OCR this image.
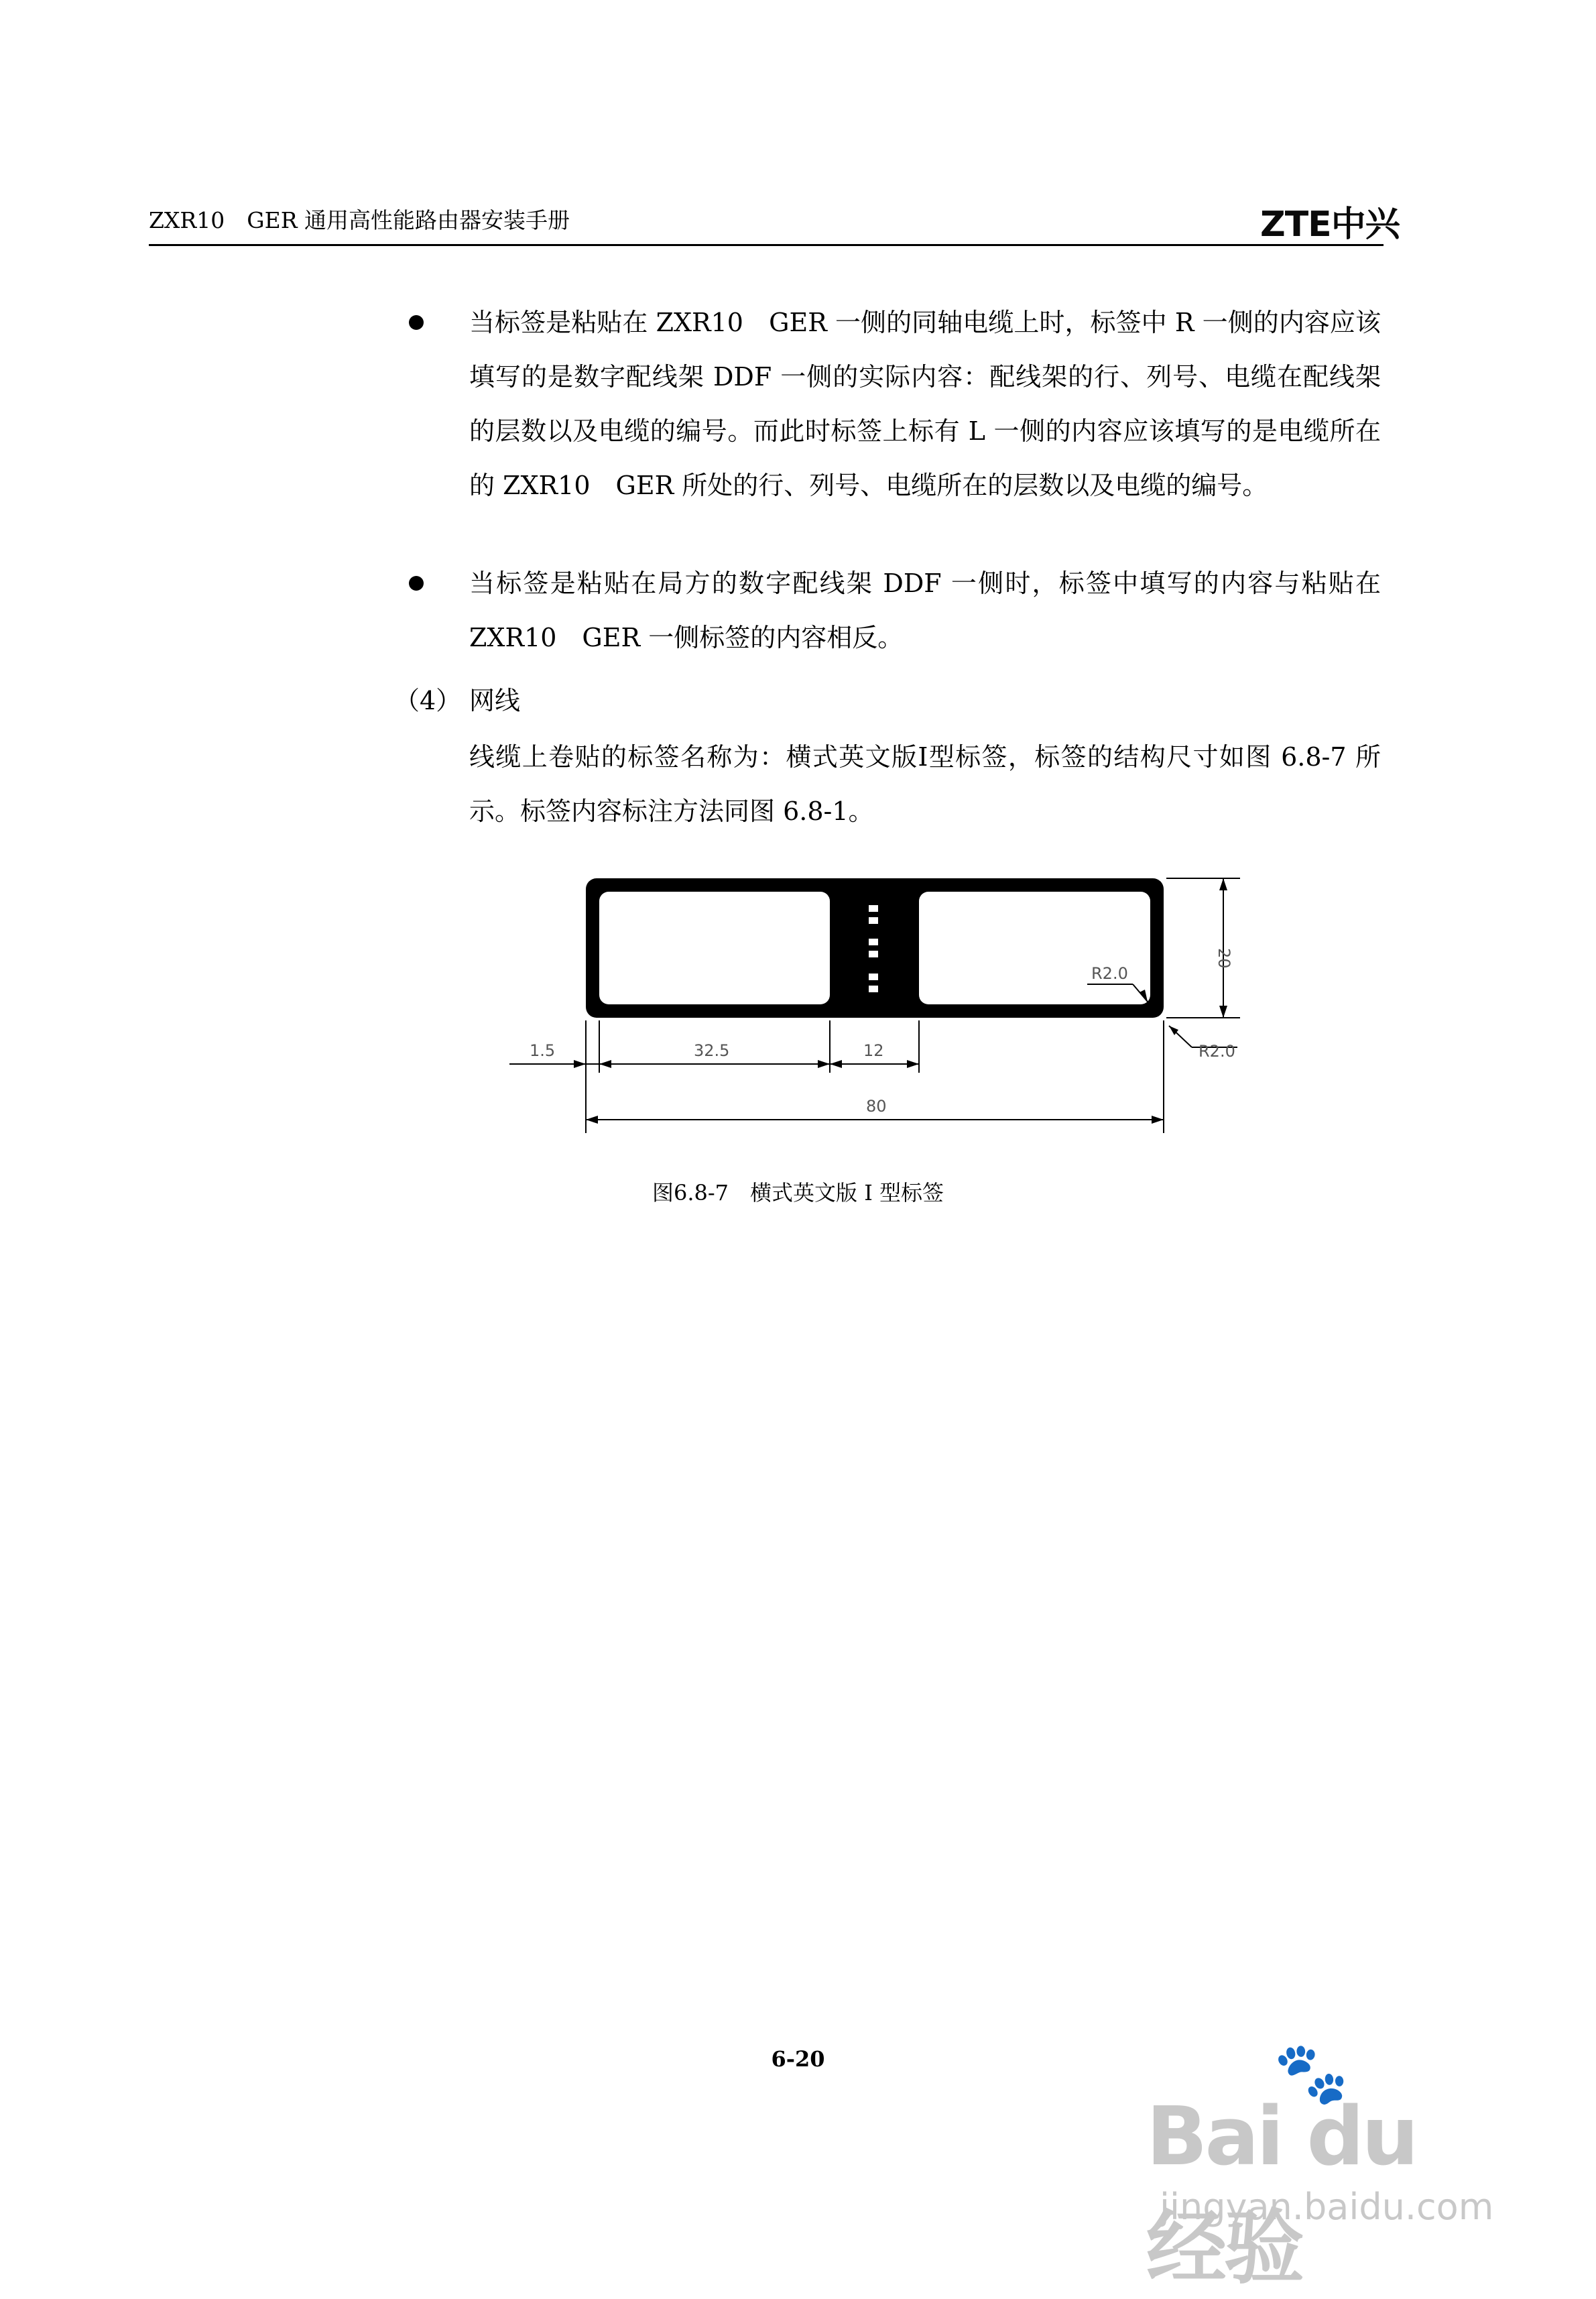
ZXR10　GER 通用高性能路由器安装手册	ZTE中兴
当标签是粘贴在 ZXR10　GER 一侧的同轴电缆上时，标签中 R 一侧的内容应该填写的是数字配线架 DDF 一侧的实际内容：配线架的行、列号、电缆在配线架的层数以及电缆的编号。而此时标签上标有 L 一侧的内容应该填写的是电缆所在的 ZXR10　GER 所处的行、列号、电缆所在的层数以及电缆的编号。
当标签是粘贴在局方的数字配线架 DDF 一侧时，标签中填写的内容与粘贴在 ZXR10　GER 一侧标签的内容相反。
（4） 网线
线缆上卷贴的标签名称为：横式英文版I型标签，标签的结构尺寸如图 6.8-7 所示。标签内容标注方法同图 6.8-1。
1.5	32.5	12
80
20
R2.0
R2.0
图6.8-7　横式英文版 I 型标签
6-20	🐾
Bai du 经验
jingyan.baidu.com
